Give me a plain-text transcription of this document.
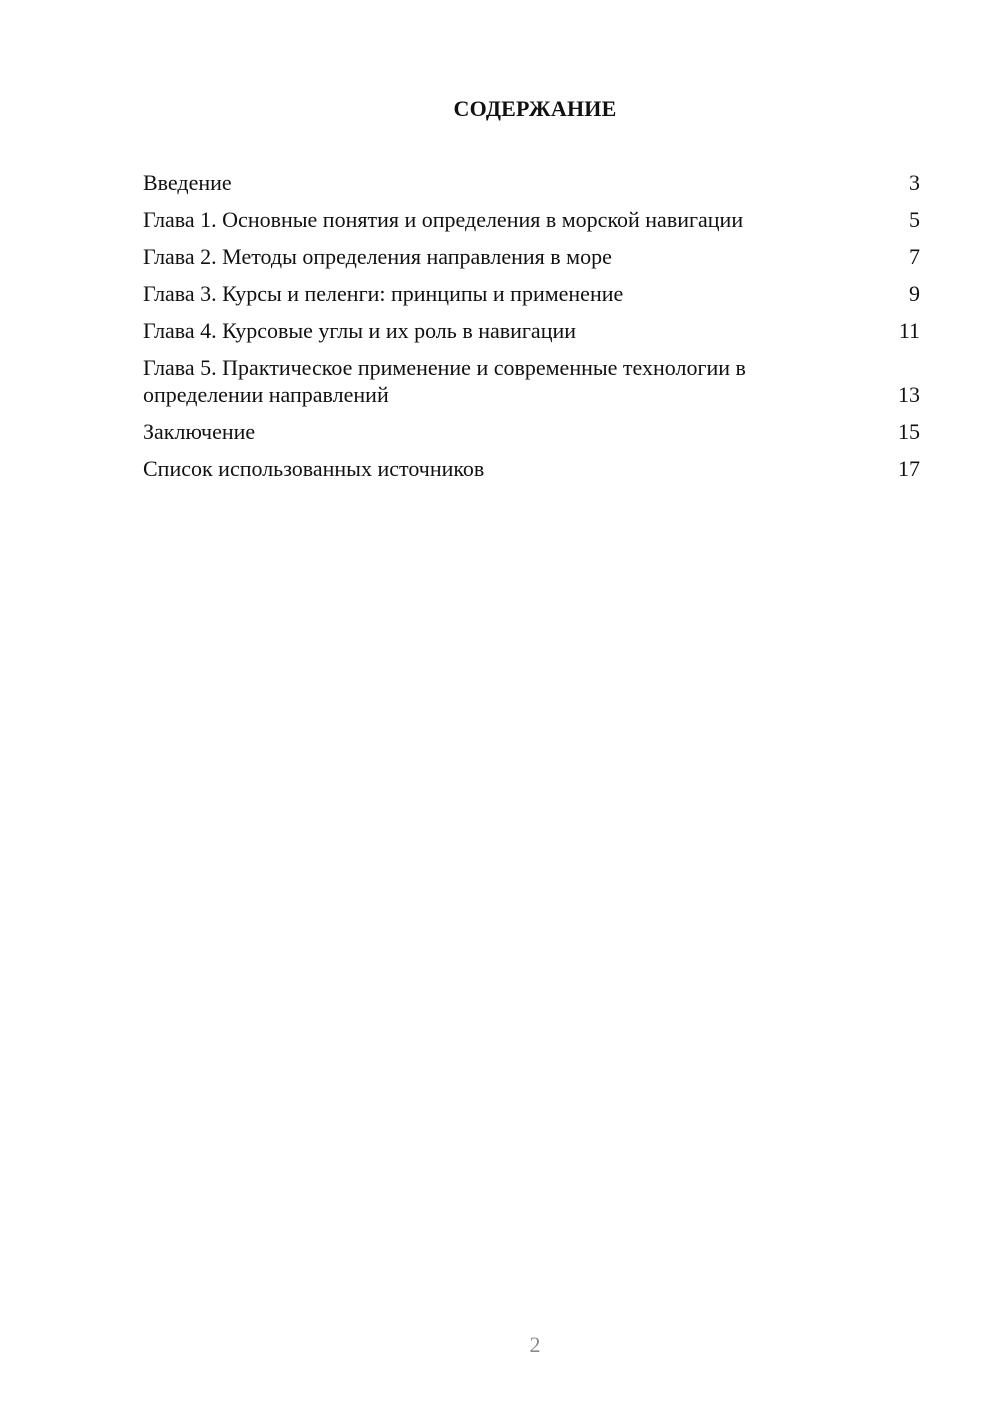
СОДЕРЖАНИЕ
Введение	3
Глава 1. Основные понятия и определения в морской навигации	5
Глава 2. Методы определения направления в море	7
Глава 3. Курсы и пеленги: принципы и применение	9
Глава 4. Курсовые углы и их роль в навигации	11
Глава 5. Практическое применение и современные технологии в определении направлений	13
Заключение	15
Список использованных источников	17
2
